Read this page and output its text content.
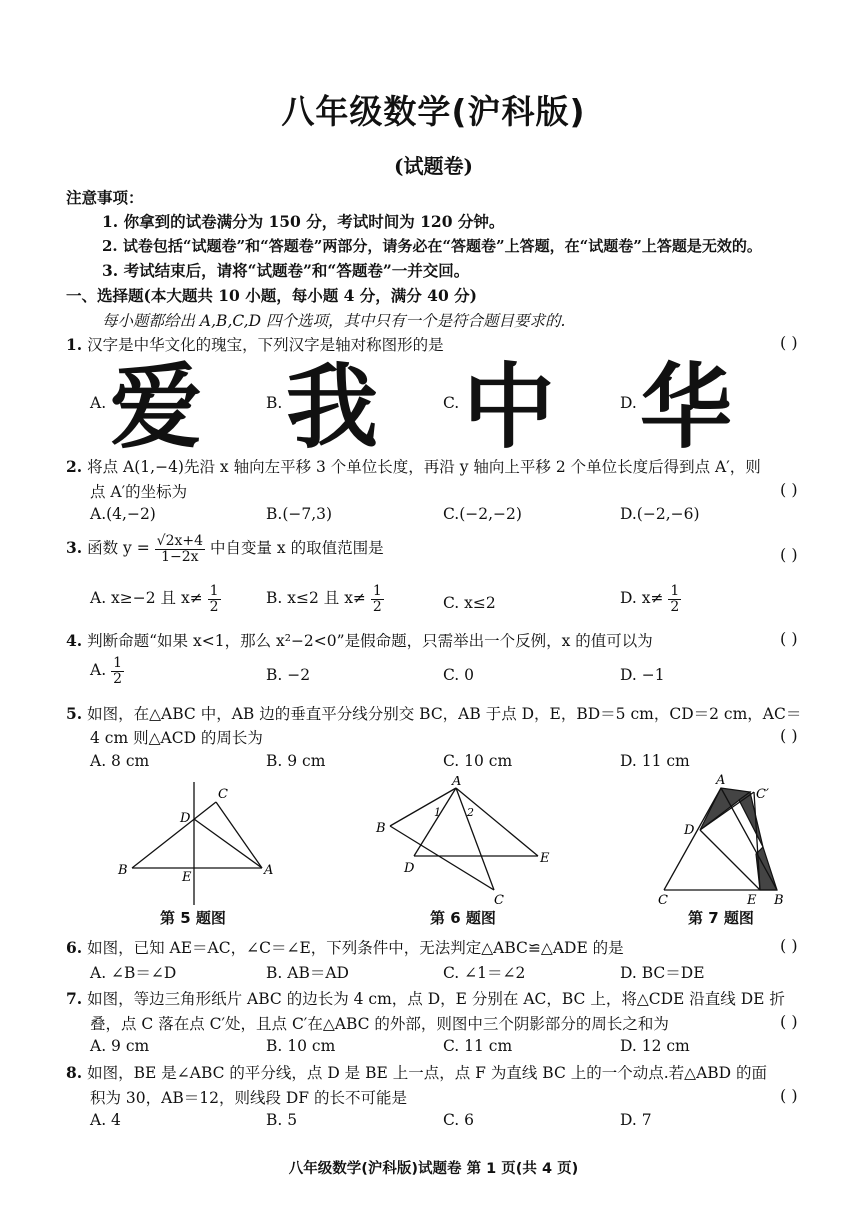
八年级数学(沪科版)
(试题卷)
注意事项：
1. 你拿到的试卷满分为 150 分，考试时间为 120 分钟。
2. 试卷包括“试题卷”和“答题卷”两部分，请务必在“答题卷”上答题，在“试题卷”上答题是无效的。
3. 考试结束后，请将“试题卷”和“答题卷”一并交回。
一、选择题(本大题共 10 小题，每小题 4 分，满分 40 分)
每小题都给出 A,B,C,D 四个选项，其中只有一个是符合题目要求的.
1. 汉字是中华文化的瑰宝，下列汉字是轴对称图形的是	( )
A. 爱	B. 我	C. 中	D. 华
2. 将点 A(1,−4)先沿 x 轴向左平移 3 个单位长度，再沿 y 轴向上平移 2 个单位长度后得到点 A′，则
点 A′的坐标为	( )
A.(4,−2)	B.(−7,3)	C.(−2,−2)	D.(−2,−6)
3. 函数 $y = \frac{√2x+4}{1-2x}$ 中自变量 x 的取值范围是	( )
A. x≥−2 且 $x\ne \frac{1}{2}$	B. x≤2 且 $x\ne \frac{1}{2}$	C. x≤2	D. $x\ne \frac{1}{2}$
4. 判断命题“如果 x<1，那么 x²−2<0”是假命题，只需举出一个反例，x 的值可以为	( )
A. $\frac{1}{2}$	B. −2	C. 0	D. −1
5. 如图，在△ABC 中，AB 边的垂直平分线分别交 BC，AB 于点 D，E，BD＝5 cm，CD＝2 cm，AC＝
4 cm 则△ACD 的周长为	( )
A. 8 cm	B. 9 cm	C. 10 cm	D. 11 cm
B	A
C
D
E
第 5 题图
A
B
C
D
E
1 2
第 6 题图
A
C′
D
C	E B
第 7 题图
6. 如图，已知 AE＝AC，∠C＝∠E，下列条件中，无法判定△ABC≌△ADE 的是	( )
A. ∠B＝∠D	B. AB＝AD	C. ∠1＝∠2	D. BC＝DE
7. 如图，等边三角形纸片 ABC 的边长为 4 cm，点 D，E 分别在 AC，BC 上，将△CDE 沿直线 DE 折
叠，点 C 落在点 C′处，且点 C′在△ABC 的外部，则图中三个阴影部分的周长之和为	( )
A. 9 cm	B. 10 cm	C. 11 cm	D. 12 cm
8. 如图，BE 是∠ABC 的平分线，点 D 是 BE 上一点，点 F 为直线 BC 上的一个动点.若△ABD 的面
积为 30，AB＝12，则线段 DF 的长不可能是	( )
A. 4	B. 5	C. 6	D. 7
八年级数学(沪科版)试题卷 第 1 页(共 4 页)
